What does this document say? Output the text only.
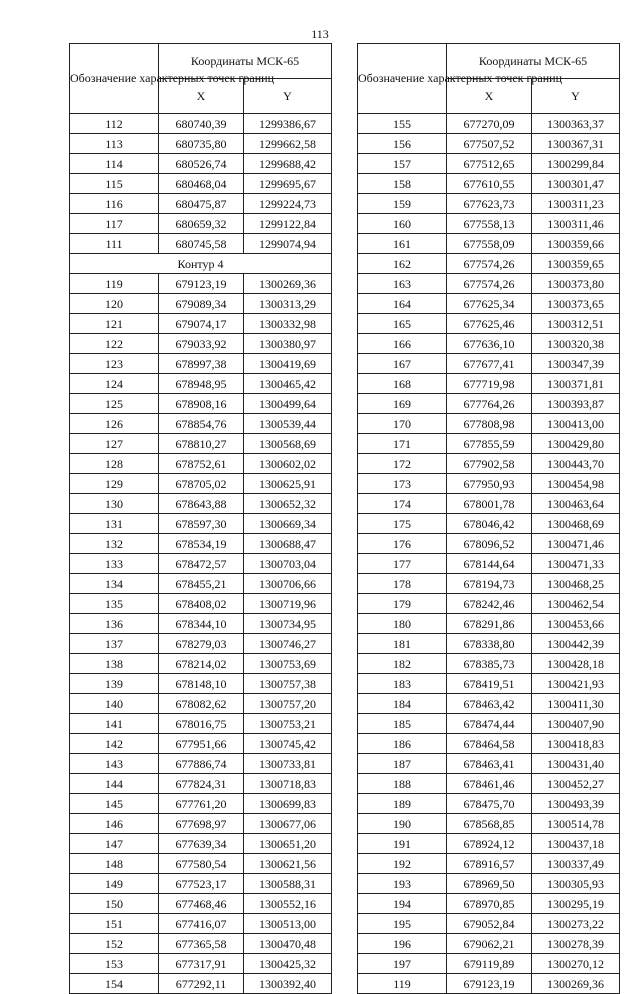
113
Обозначение характерных точек границ	Координаты МСК-65	
	X	Y
112	680740,39	1299386,67
113	680735,80	1299662,58
114	680526,74	1299688,42
115	680468,04	1299695,67
116	680475,87	1299224,73
117	680659,32	1299122,84
111	680745,58	1299074,94
Контур 4		
119	679123,19	1300269,36
120	679089,34	1300313,29
121	679074,17	1300332,98
122	679033,92	1300380,97
123	678997,38	1300419,69
124	678948,95	1300465,42
125	678908,16	1300499,64
126	678854,76	1300539,44
127	678810,27	1300568,69
128	678752,61	1300602,02
129	678705,02	1300625,91
130	678643,88	1300652,32
131	678597,30	1300669,34
132	678534,19	1300688,47
133	678472,57	1300703,04
134	678455,21	1300706,66
135	678408,02	1300719,96
136	678344,10	1300734,95
137	678279,03	1300746,27
138	678214,02	1300753,69
139	678148,10	1300757,38
140	678082,62	1300757,20
141	678016,75	1300753,21
142	677951,66	1300745,42
143	677886,74	1300733,81
144	677824,31	1300718,83
145	677761,20	1300699,83
146	677698,97	1300677,06
147	677639,34	1300651,20
148	677580,54	1300621,56
149	677523,17	1300588,31
150	677468,46	1300552,16
151	677416,07	1300513,00
152	677365,58	1300470,48
153	677317,91	1300425,32
154	677292,11	1300392,40
Обозначение характерных точек границ	Координаты МСК-65	
	X	Y
155	677270,09	1300363,37
156	677507,52	1300367,31
157	677512,65	1300299,84
158	677610,55	1300301,47
159	677623,73	1300311,23
160	677558,13	1300311,46
161	677558,09	1300359,66
162	677574,26	1300359,65
163	677574,26	1300373,80
164	677625,34	1300373,65
165	677625,46	1300312,51
166	677636,10	1300320,38
167	677677,41	1300347,39
168	677719,98	1300371,81
169	677764,26	1300393,87
170	677808,98	1300413,00
171	677855,59	1300429,80
172	677902,58	1300443,70
173	677950,93	1300454,98
174	678001,78	1300463,64
175	678046,42	1300468,69
176	678096,52	1300471,46
177	678144,64	1300471,33
178	678194,73	1300468,25
179	678242,46	1300462,54
180	678291,86	1300453,66
181	678338,80	1300442,39
182	678385,73	1300428,18
183	678419,51	1300421,93
184	678463,42	1300411,30
185	678474,44	1300407,90
186	678464,58	1300418,83
187	678463,41	1300431,40
188	678461,46	1300452,27
189	678475,70	1300493,39
190	678568,85	1300514,78
191	678924,12	1300437,18
192	678916,57	1300337,49
193	678969,50	1300305,93
194	678970,85	1300295,19
195	679052,84	1300273,22
196	679062,21	1300278,39
197	679119,89	1300270,12
119	679123,19	1300269,36
